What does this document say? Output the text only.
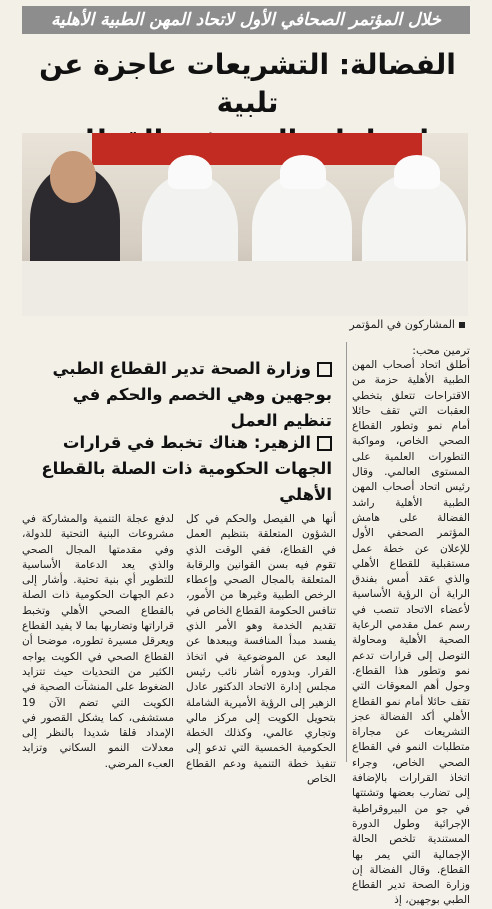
خلال المؤتمر الصحافي الأول لاتحاد المهن الطبية الأهلية
الفضالة: التشريعات عاجزة عن تلبية
المشاركون في المؤتمر
ترمين محب:
وزارة الصحة تدير القطاع الطبي بوجهين وهي الخصم والحكم في تنظيم العمل
الزهير: هناك تخبط في قرارات الجهات الحكومية ذات الصلة بالقطاع الأهلي
أطلق اتحاد أصحاب المهن الطبية الأهلية حزمة من الاقتراحات تتعلق بتخطي العقبات التي تقف حائلا أمام نمو وتطور القطاع الصحي الخاص، ومواكبة التطورات العلمية على المستوى العالمي. وقال رئيس اتحاد أصحاب المهن الطبية الأهلية راشد الفضالة على هامش المؤتمر الصحفي الأول للإعلان عن خطة عمل مستقبلية للقطاع الأهلي والذي عقد أمس بفندق الراية أن الرؤية الأساسية لأعضاء الاتحاد تنصب في رسم عمل مقدمي الرعاية الصحية الأهلية ومحاولة التوصل إلى قرارات تدعم نمو وتطور هذا القطاع. وحول أهم المعوقات التي تقف حائلا أمام نمو القطاع الأهلي أكد الفضالة عجز التشريعات عن مجاراة متطلبات النمو في القطاع الصحي الخاص، وجراء اتخاذ القرارات بالإضافة إلى تضارب بعضها وتشتتها في جو من البيروقراطية الإجرائية وطول الدورة المستندية تلخص الحالة الإجمالية التي يمر بها القطاع. وقال الفضالة إن وزارة الصحة تدير القطاع الطبي بوجهين، إذ
أنها هي الفيصل والحكم في كل الشؤون المتعلقة بتنظيم العمل في القطاع، ففي الوقت الذي تقوم فيه بسن القوانين والرقابة المتعلقة بالمجال الصحي وإعطاء الرخص الطبية وغيرها من الأمور، تنافس الحكومة القطاع الخاص في تقديم الخدمة وهو الأمر الذي يفسد مبدأ المنافسة ويبعدها عن البعد عن الموضوعية في اتخاذ القرار. وبدوره أشار نائب رئيس مجلس إدارة الاتحاد الدكتور عادل الزهير إلى الرؤية الأميرية الشاملة بتحويل الكويت إلى مركز مالي وتجاري عالمي، وكذلك الخطة الحكومية الخمسية التي تدعو إلى تنفيذ خطة التنمية ودعم القطاع الخاص
لدفع عجلة التنمية والمشاركة في مشروعات البنية التحتية للدولة، وفي مقدمتها المجال الصحي والذي يعد الدعامة الأساسية للتطوير أي بنية تحتية. وأشار إلى دعم الجهات الحكومية ذات الصلة بالقطاع الصحي الأهلي وتخبط قراراتها وتضاربها بما لا يفيد القطاع ويعرقل مسيرة تطوره، موضحا أن القطاع الصحي في الكويت يواجه الكثير من التحديات حيث تتزايد الضغوط على المنشآت الصحية في الكويت التي تضم الآن 19 مستشفى، كما يشكل القصور في الإمداد قلقا شديدا بالنظر إلى معدلات النمو السكاني وتزايد العبء المرضي.
